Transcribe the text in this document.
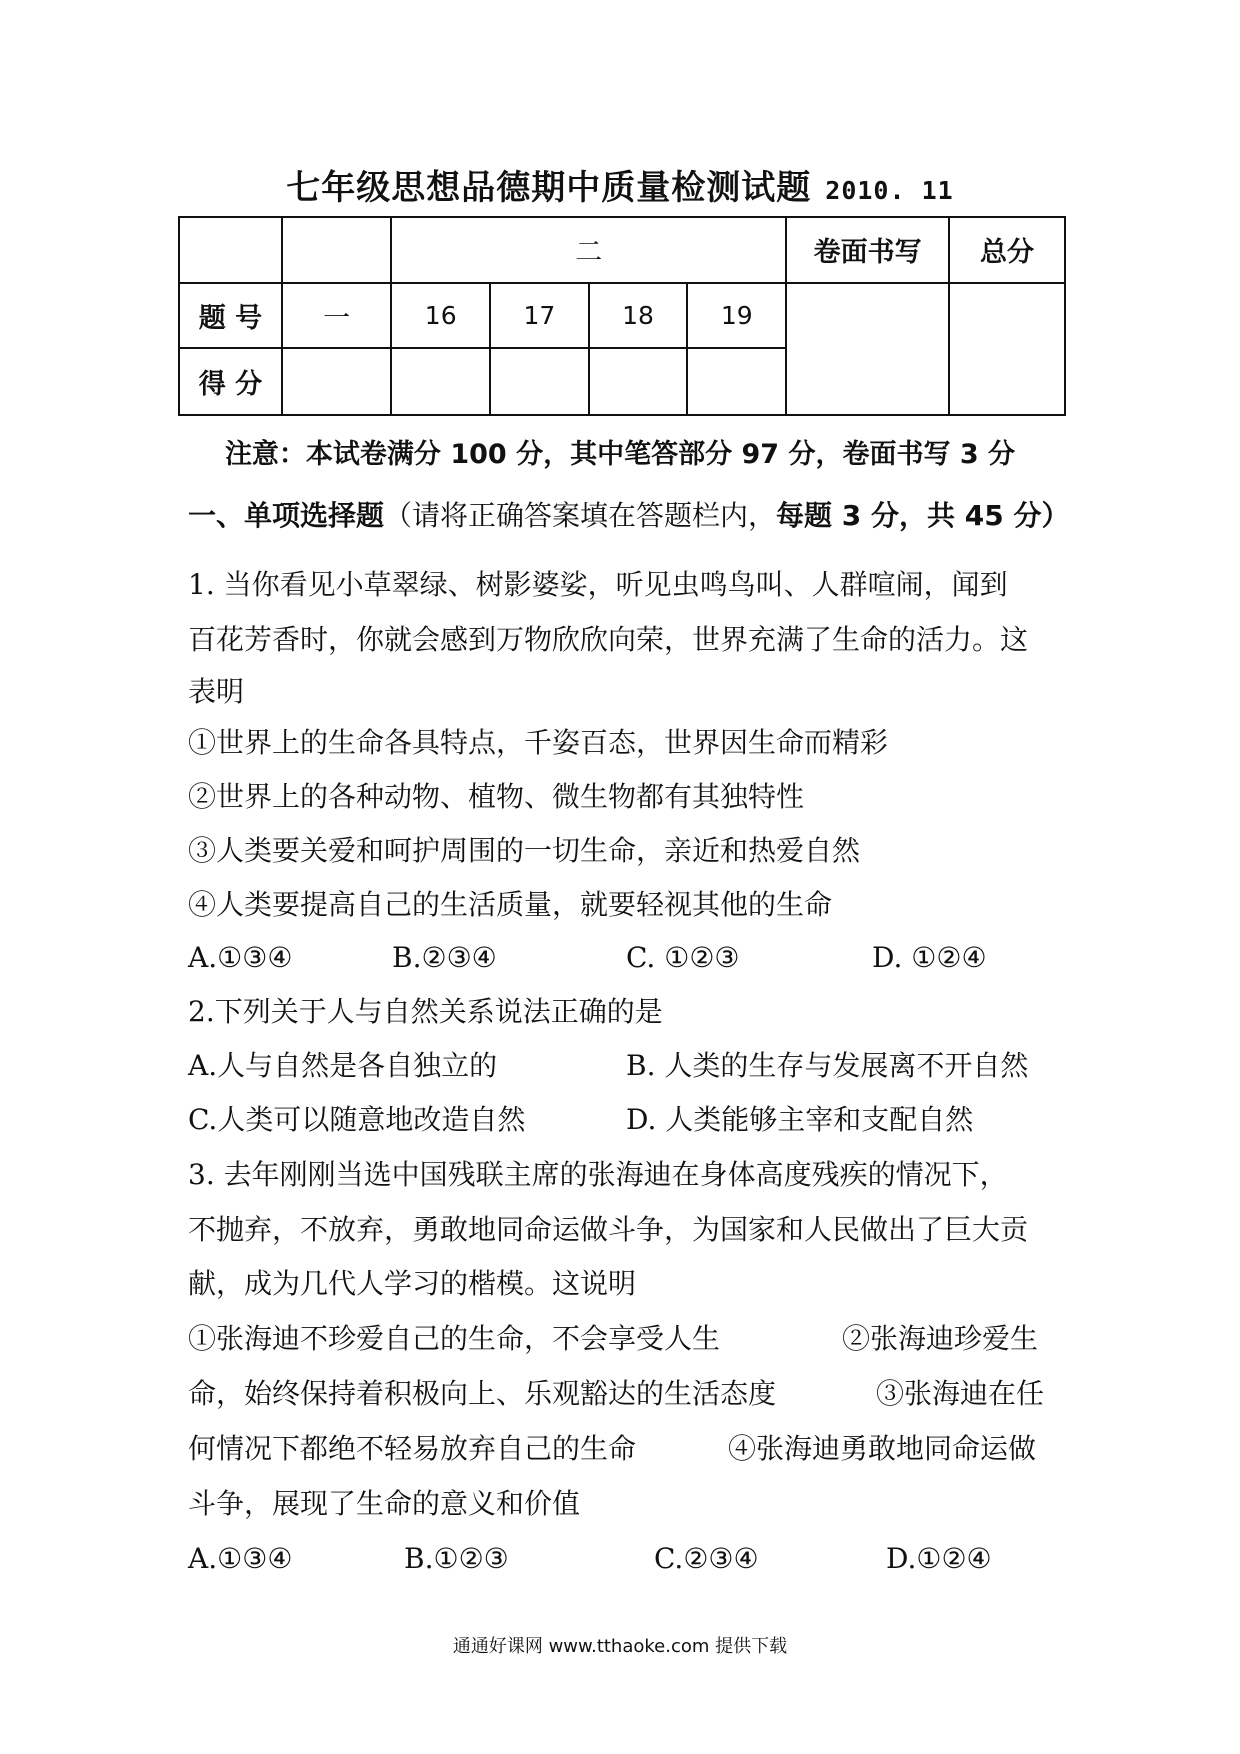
七年级思想品德期中质量检测试题 2010. 11
		二				卷面书写	总分
题 号	一	16	17	18	19		
得 分							
注意：本试卷满分 100 分，其中笔答部分 97 分，卷面书写 3 分
一、单项选择题（请将正确答案填在答题栏内，每题 3 分，共 45 分）
1. 当你看见小草翠绿、树影婆娑，听见虫鸣鸟叫、人群喧闹，闻到
百花芳香时，你就会感到万物欣欣向荣，世界充满了生命的活力。这
表明
①世界上的生命各具特点，千姿百态，世界因生命而精彩
②世界上的各种动物、植物、微生物都有其独特性
③人类要关爱和呵护周围的一切生命，亲近和热爱自然
④人类要提高自己的生活质量，就要轻视其他的生命
A.①③④	B.②③④	C. ①②③	D. ①②④
2.下列关于人与自然关系说法正确的是
A.人与自然是各自独立的	B. 人类的生存与发展离不开自然
C.人类可以随意地改造自然	D. 人类能够主宰和支配自然
3. 去年刚刚当选中国残联主席的张海迪在身体高度残疾的情况下，
不抛弃，不放弃，勇敢地同命运做斗争，为国家和人民做出了巨大贡
献，成为几代人学习的楷模。这说明
①张海迪不珍爱自己的生命，不会享受人生	②张海迪珍爱生
命，始终保持着积极向上、乐观豁达的生活态度	③张海迪在任
何情况下都绝不轻易放弃自己的生命	④张海迪勇敢地同命运做
斗争，展现了生命的意义和价值
A.①③④	B.①②③	C.②③④	D.①②④
通通好课网 www.tthaoke.com 提供下载
